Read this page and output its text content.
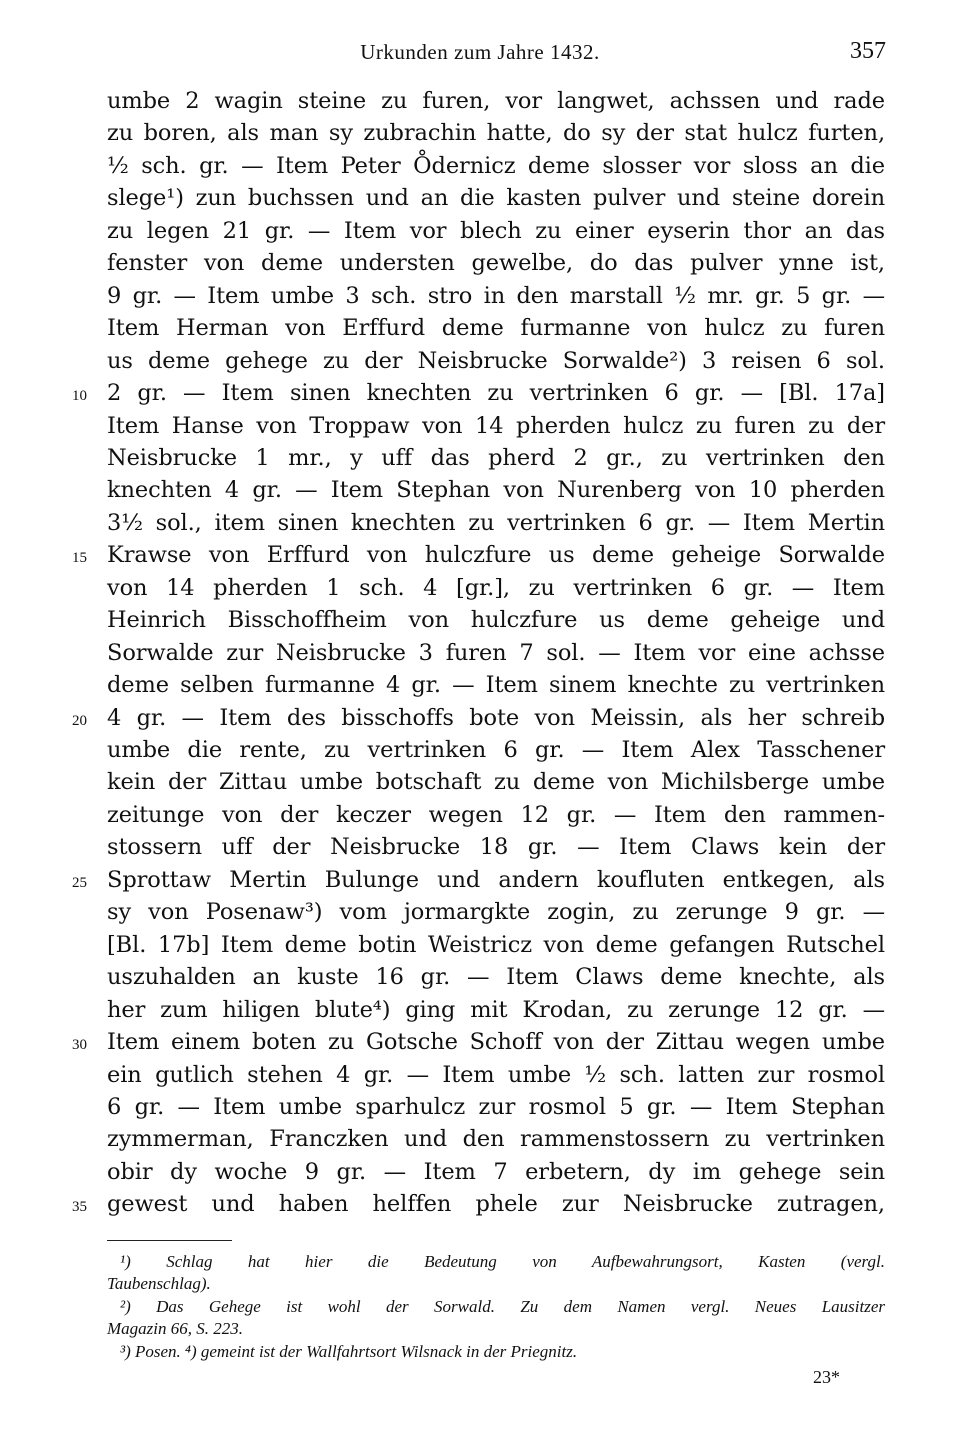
Urkunden zum Jahre 1432.	357
umbe 2 wagin steine zu furen, vor langwet, achssen und rade
zu boren, als man sy zubrachin hatte, do sy der stat hulcz furten,
½ sch. gr. — Item Peter O̊dernicz deme slosser vor sloss an die
slege¹) zun buchssen und an die kasten pulver und steine dorein
zu legen 21 gr. — Item vor blech zu einer eyserin thor an das
fenster von deme understen gewelbe, do das pulver ynne ist,
9 gr. — Item umbe 3 sch. stro in den marstall ½ mr. gr. 5 gr. —
Item Herman von Erffurd deme furmanne von hulcz zu furen
us deme gehege zu der Neisbrucke Sorwalde²) 3 reisen 6 sol.
2 gr. — Item sinen knechten zu vertrinken 6 gr. — [Bl. 17a]
Item Hanse von Troppaw von 14 pherden hulcz zu furen zu der
Neisbrucke 1 mr., y uff das pherd 2 gr., zu vertrinken den
knechten 4 gr. — Item Stephan von Nurenberg von 10 pherden
3½ sol., item sinen knechten zu vertrinken 6 gr. — Item Mertin
Krawse von Erffurd von hulczfure us deme geheige Sorwalde
von 14 pherden 1 sch. 4 [gr.], zu vertrinken 6 gr. — Item
Heinrich Bisschoffheim von hulczfure us deme geheige und
Sorwalde zur Neisbrucke 3 furen 7 sol. — Item vor eine achsse
deme selben furmanne 4 gr. — Item sinem knechte zu vertrinken
4 gr. — Item des bisschoffs bote von Meissin, als her schreib
umbe die rente, zu vertrinken 6 gr. — Item Alex Tasschener
kein der Zittau umbe botschaft zu deme von Michilsberge umbe
zeitunge von der keczer wegen 12 gr. — Item den rammen-
stossern uff der Neisbrucke 18 gr. — Item Claws kein der
Sprottaw Mertin Bulunge und andern koufluten entkegen, als
sy von Posenaw³) vom jormargkte zogin, zu zerunge 9 gr. —
[Bl. 17b] Item deme botin Weistricz von deme gefangen Rutschel
uszuhalden an kuste 16 gr. — Item Claws deme knechte, als
her zum hiligen blute⁴) ging mit Krodan, zu zerunge 12 gr. —
Item einem boten zu Gotsche Schoff von der Zittau wegen umbe
ein gutlich stehen 4 gr. — Item umbe ½ sch. latten zur rosmol
6 gr. — Item umbe sparhulcz zur rosmol 5 gr. — Item Stephan
zymmerman, Franczken und den rammenstossern zu vertrinken
obir dy woche 9 gr. — Item 7 erbetern, dy im gehege sein
gewest und haben helffen phele zur Neisbrucke zutragen,
10
15
20
25
30
35
¹) Schlag hat hier die Bedeutung von Aufbewahrungsort, Kasten (vergl.
Taubenschlag).
²) Das Gehege ist wohl der Sorwald. Zu dem Namen vergl. Neues Lausitzer
Magazin 66, S. 223.
³) Posen. ⁴) gemeint ist der Wallfahrtsort Wilsnack in der Priegnitz.
23*
